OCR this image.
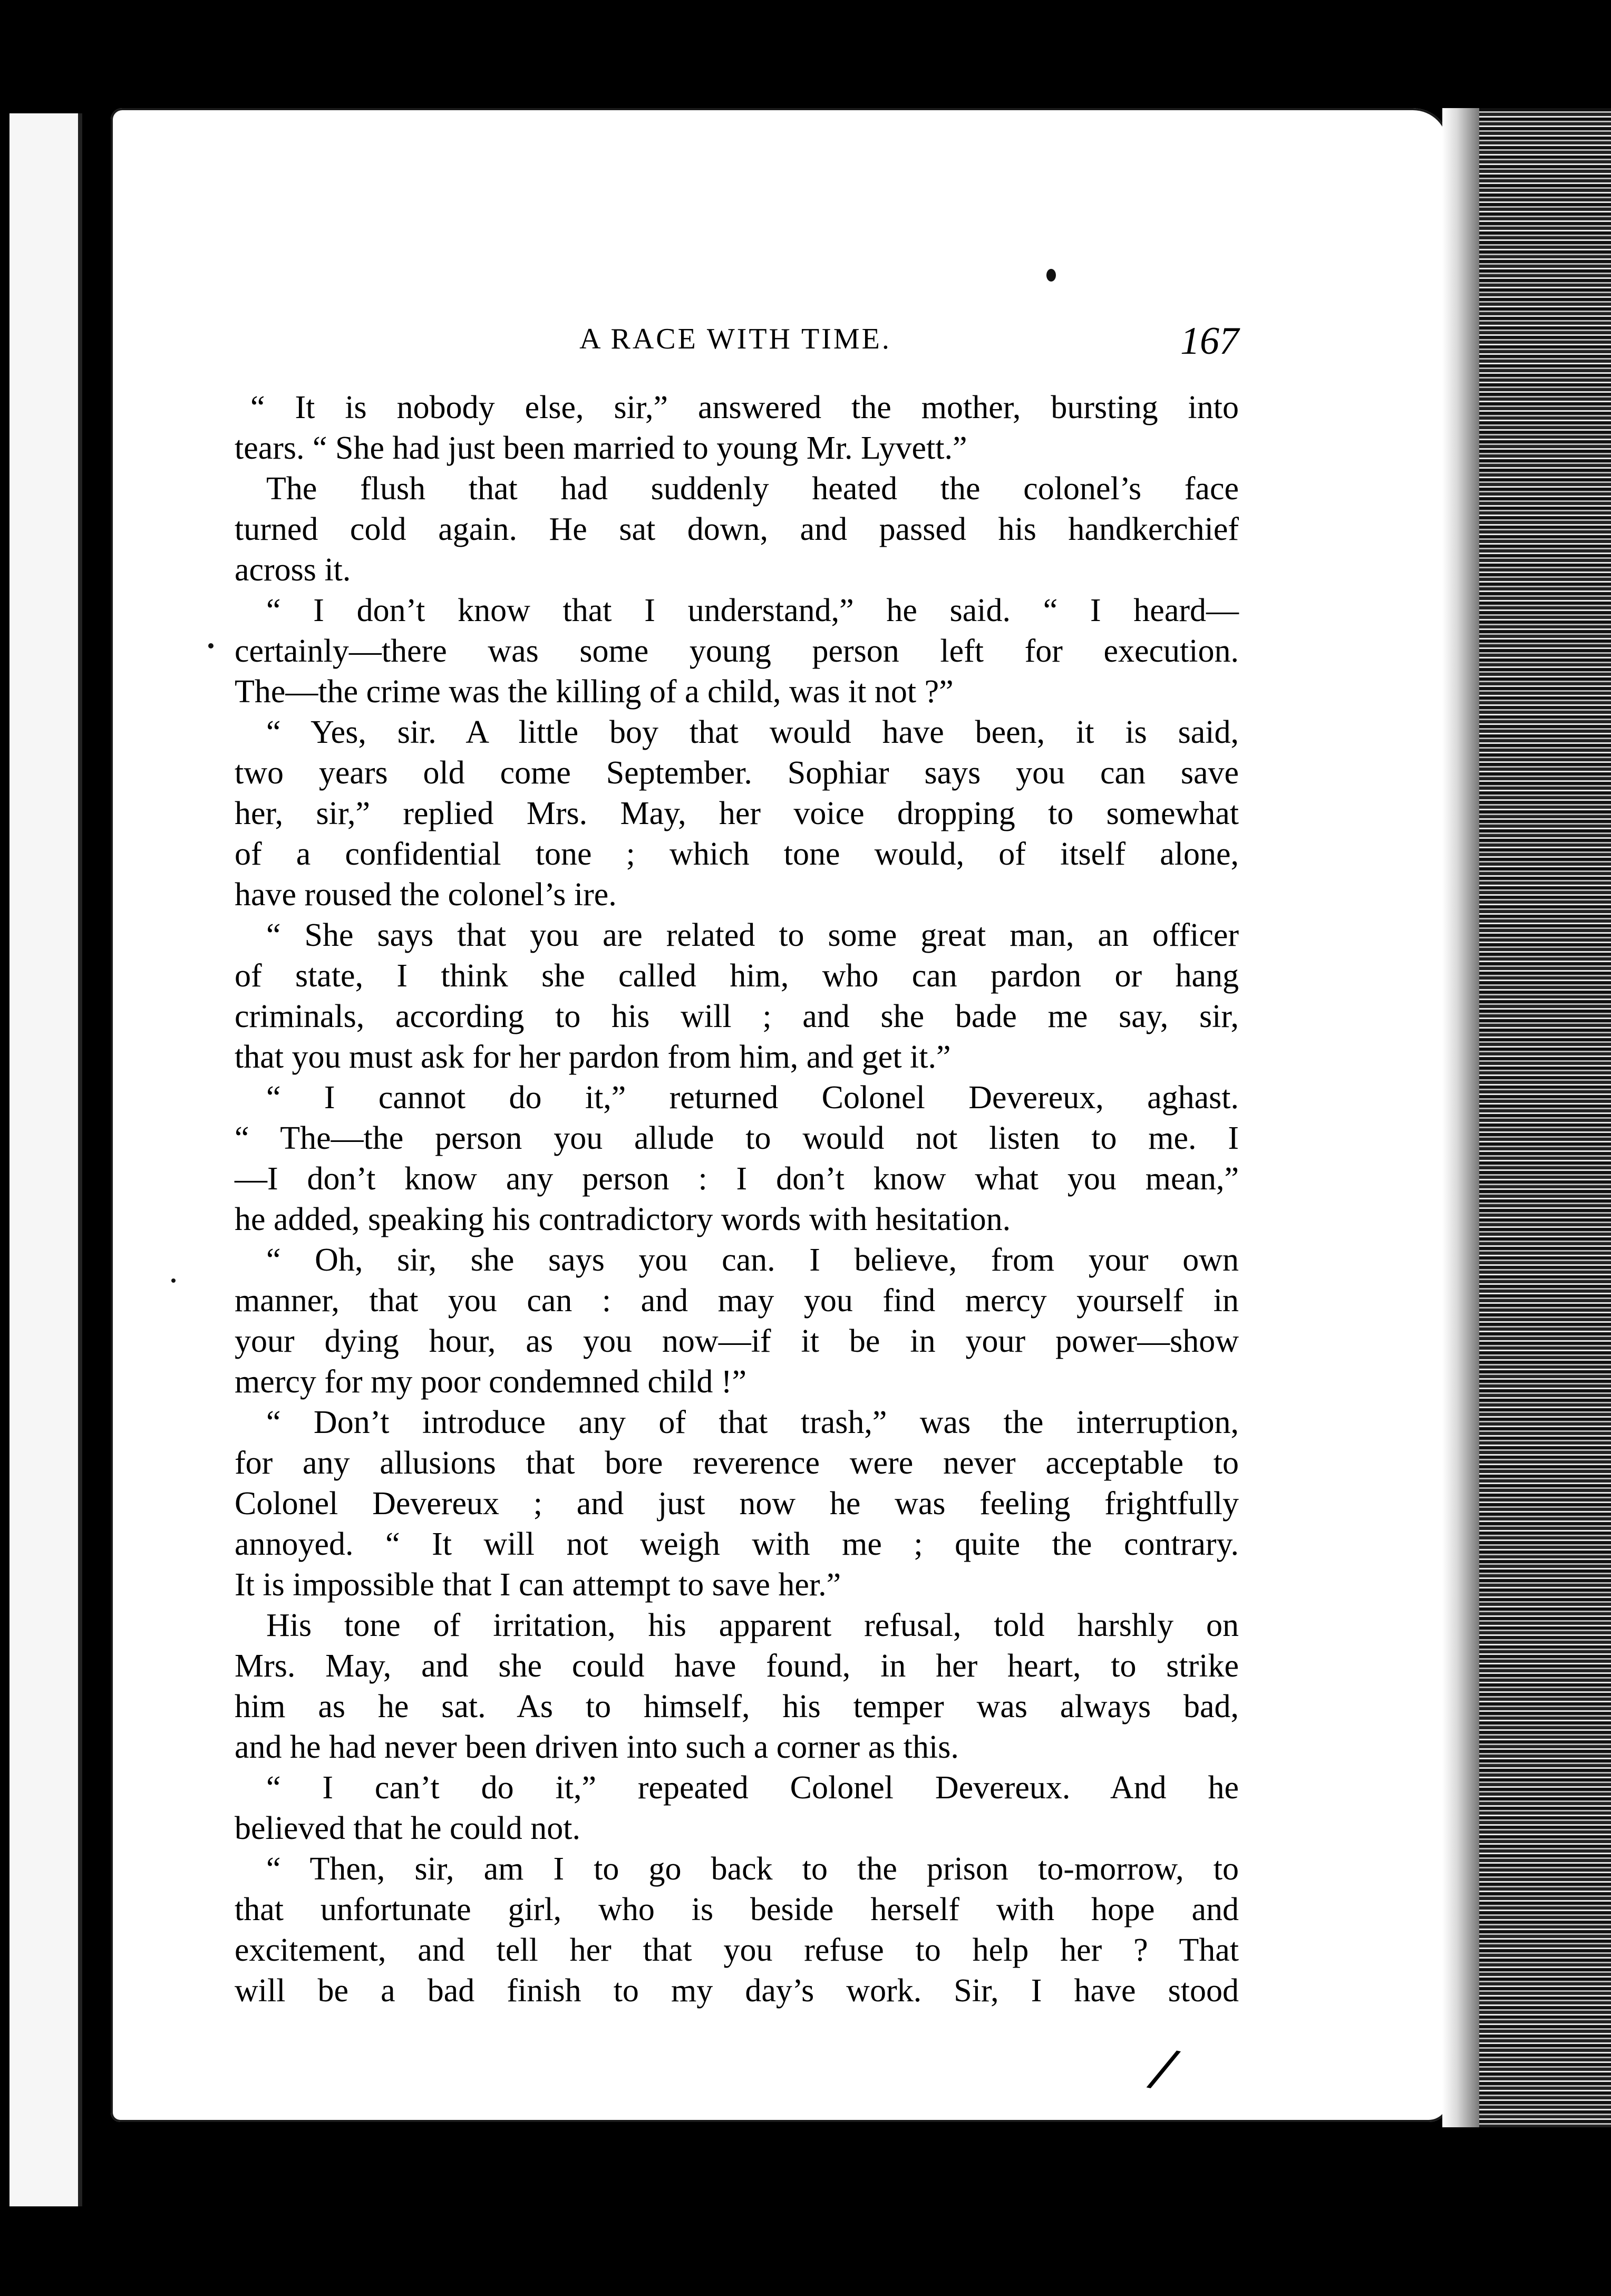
A RACE WITH TIME.	167
“ It is nobody else, sir,” answered the mother, bursting into
tears. “ She had just been married to young Mr. Lyvett.”
The flush that had suddenly heated the colonel’s face
turned cold again. He sat down, and passed his handkerchief
across it.
“ I don’t know that I understand,” he said. “ I heard—
certainly—there was some young person left for execution.
The—the crime was the killing of a child, was it not ?”
“ Yes, sir. A little boy that would have been, it is said,
two years old come September. Sophiar says you can save
her, sir,” replied Mrs. May, her voice dropping to somewhat
of a confidential tone ; which tone would, of itself alone,
have roused the colonel’s ire.
“ She says that you are related to some great man, an officer
of state, I think she called him, who can pardon or hang
criminals, according to his will ; and she bade me say, sir,
that you must ask for her pardon from him, and get it.”
“ I cannot do it,” returned Colonel Devereux, aghast.
“ The—the person you allude to would not listen to me. I
—I don’t know any person : I don’t know what you mean,”
he added, speaking his contradictory words with hesitation.
“ Oh, sir, she says you can. I believe, from your own
manner, that you can : and may you find mercy yourself in
your dying hour, as you now—if it be in your power—show
mercy for my poor condemned child !”
“ Don’t introduce any of that trash,” was the interruption,
for any allusions that bore reverence were never acceptable to
Colonel Devereux ; and just now he was feeling frightfully
annoyed. “ It will not weigh with me ; quite the contrary.
It is impossible that I can attempt to save her.”
His tone of irritation, his apparent refusal, told harshly on
Mrs. May, and she could have found, in her heart, to strike
him as he sat. As to himself, his temper was always bad,
and he had never been driven into such a corner as this.
“ I can’t do it,” repeated Colonel Devereux. And he
believed that he could not.
“ Then, sir, am I to go back to the prison to-morrow, to
that unfortunate girl, who is beside herself with hope and
excitement, and tell her that you refuse to help her ? That
will be a bad finish to my day’s work. Sir, I have stood
/
